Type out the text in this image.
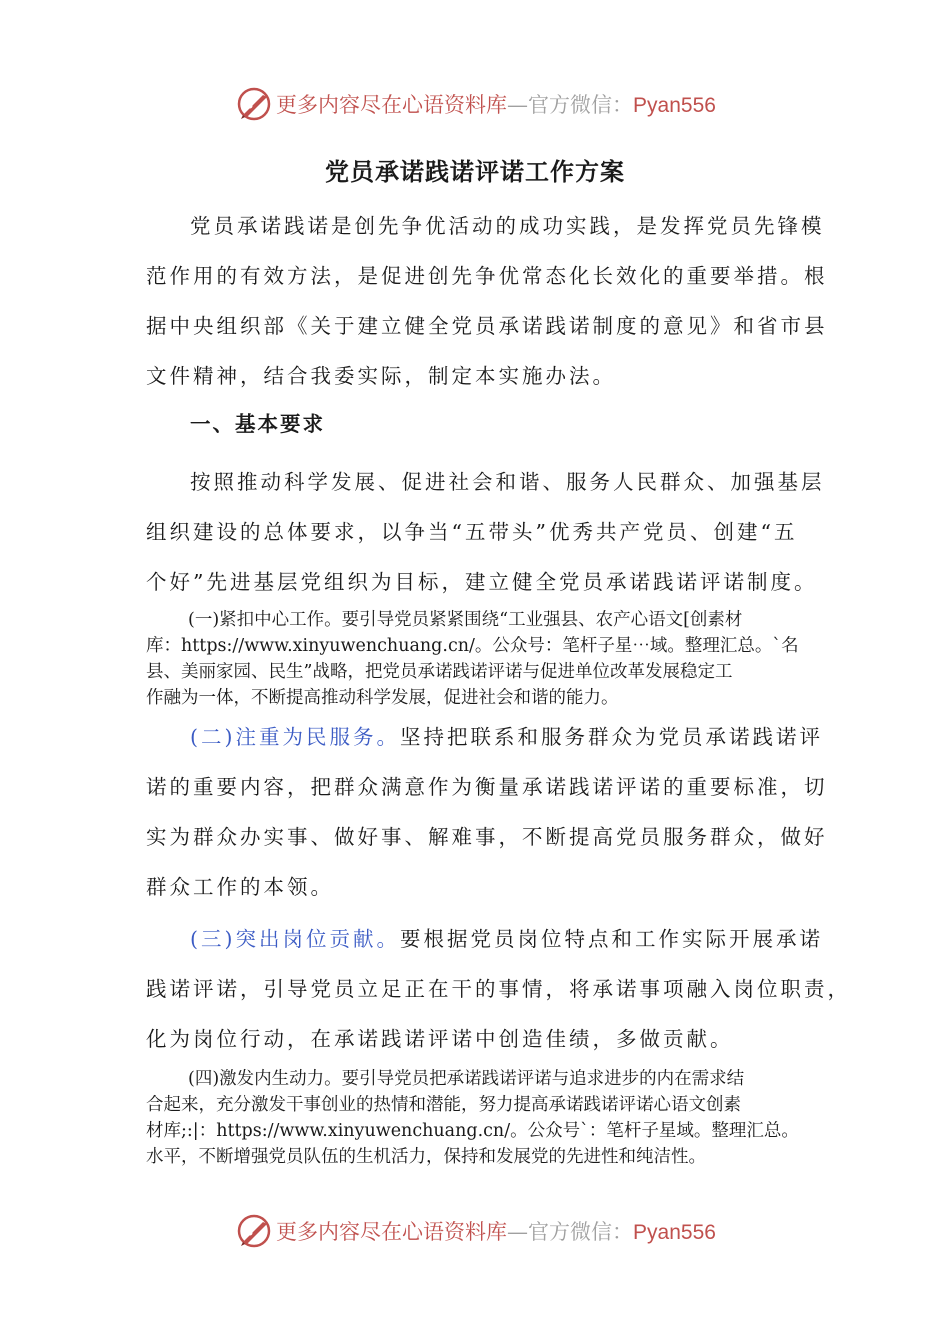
更多内容尽在心语资料库—官方微信：Pyan556
党员承诺践诺评诺工作方案

党员承诺践诺是创先争优活动的成功实践，是发挥党员先锋模
范作用的有效方法，是促进创先争优常态化长效化的重要举措。根
据中央组织部《关于建立健全党员承诺践诺制度的意见》和省市县
文件精神，结合我委实际，制定本实施办法。

一、基本要求

按照推动科学发展、促进社会和谐、服务人民群众、加强基层
组织建设的总体要求，以争当“五带头”优秀共产党员、创建“五
个好”先进基层党组织为目标，建立健全党员承诺践诺评诺制度。

(一)紧扣中心工作。要引导党员紧紧围绕“工业强县、农产心语文[创素材
库：https://www.xinyuwenchuang.cn/。公众号：笔杆子星⋯域。整理汇总。`名
县、美丽家园、民生”战略，把党员承诺践诺评诺与促进单位改革发展稳定工
作融为一体，不断提高推动科学发展，促进社会和谐的能力。

(二)注重为民服务。坚持把联系和服务群众为党员承诺践诺评
诺的重要内容，把群众满意作为衡量承诺践诺评诺的重要标准，切
实为群众办实事、做好事、解难事，不断提高党员服务群众，做好
群众工作的本领。

(三)突出岗位贡献。要根据党员岗位特点和工作实际开展承诺
践诺评诺，引导党员立足正在干的事情，将承诺事项融入岗位职责，
化为岗位行动，在承诺践诺评诺中创造佳绩，多做贡献。

(四)激发内生动力。要引导党员把承诺践诺评诺与追求进步的内在需求结
合起来，充分激发干事创业的热情和潜能，努力提高承诺践诺评诺心语文创素
材库;:|：https://www.xinyuwenchuang.cn/。公众号`：笔杆子星域。整理汇总。
水平，不断增强党员队伍的生机活力，保持和发展党的先进性和纯洁性。

更多内容尽在心语资料库—官方微信：Pyan556
